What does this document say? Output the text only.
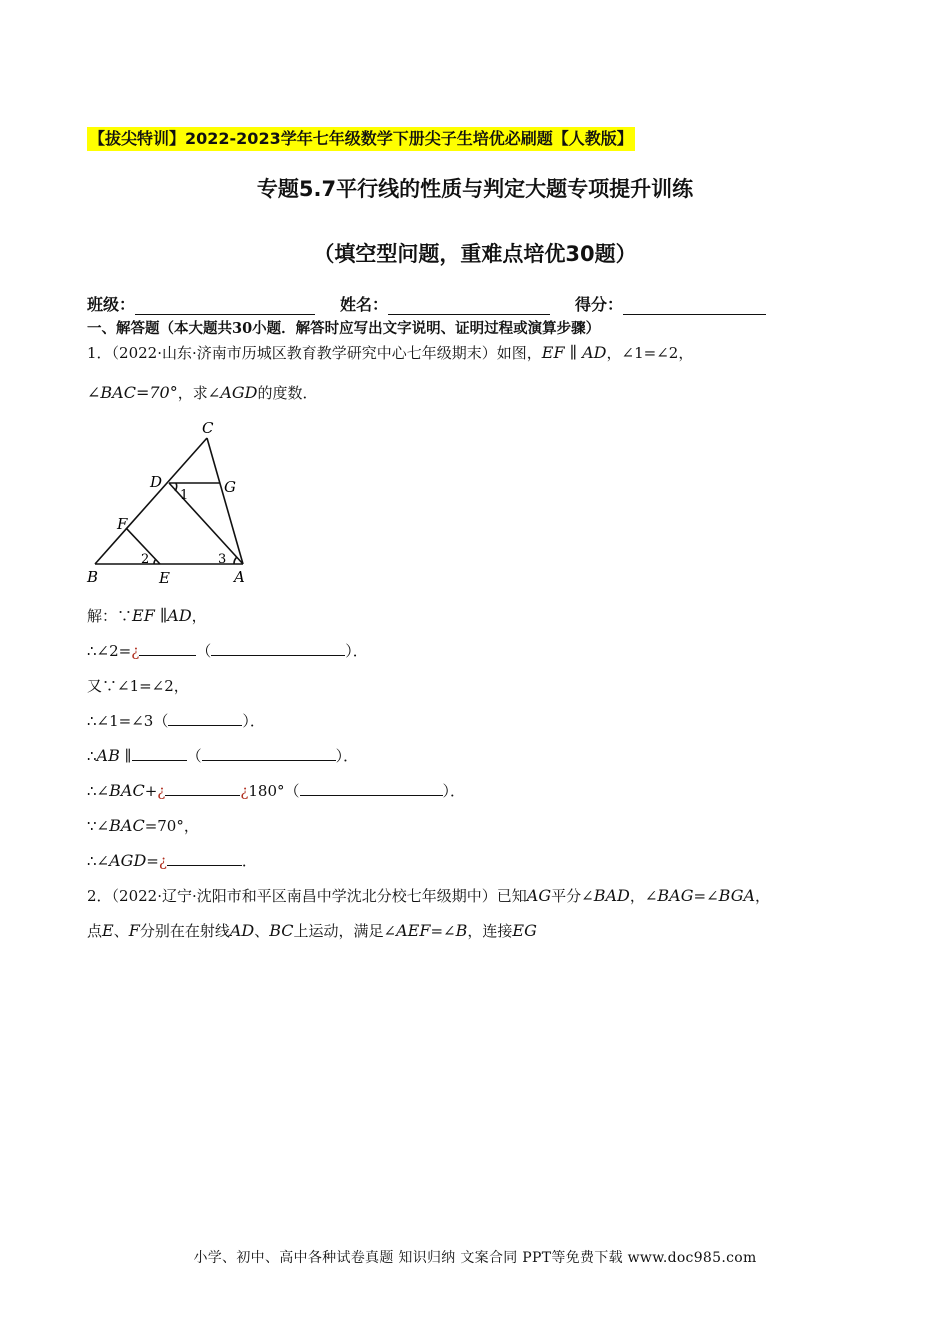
【拔尖特训】2022-2023学年七年级数学下册尖子生培优必刷题【人教版】
专题5.7平行线的性质与判定大题专项提升训练
（填空型问题，重难点培优30题）
班级：	姓名：	得分：
一、解答题（本大题共30小题．解答时应写出文字说明、证明过程或演算步骤）
1．（2022·山东·济南市历城区教育教学研究中心七年级期末）如图，EF ∥ AD，∠1=∠2，
∠BAC=70°，求∠AGD的度数．
C
D	G
F
B	E	A
1
2	3
解：∵EF ∥AD，
∴∠2=¿	（	）．
又∵∠1=∠2，
∴∠1=∠3（	）．
∴AB ∥	（	）．
∴∠BAC+¿	¿180°（	）．
∵∠BAC=70°，
∴∠AGD=¿	．
2．（2022·辽宁·沈阳市和平区南昌中学沈北分校七年级期中）已知AG平分∠BAD，∠BAG=∠BGA，
点E、F分别在在射线AD、BC上运动，满足∠AEF=∠B，连接EG
小学、初中、高中各种试卷真题 知识归纳 文案合同 PPT等免费下载 www.doc985.com
